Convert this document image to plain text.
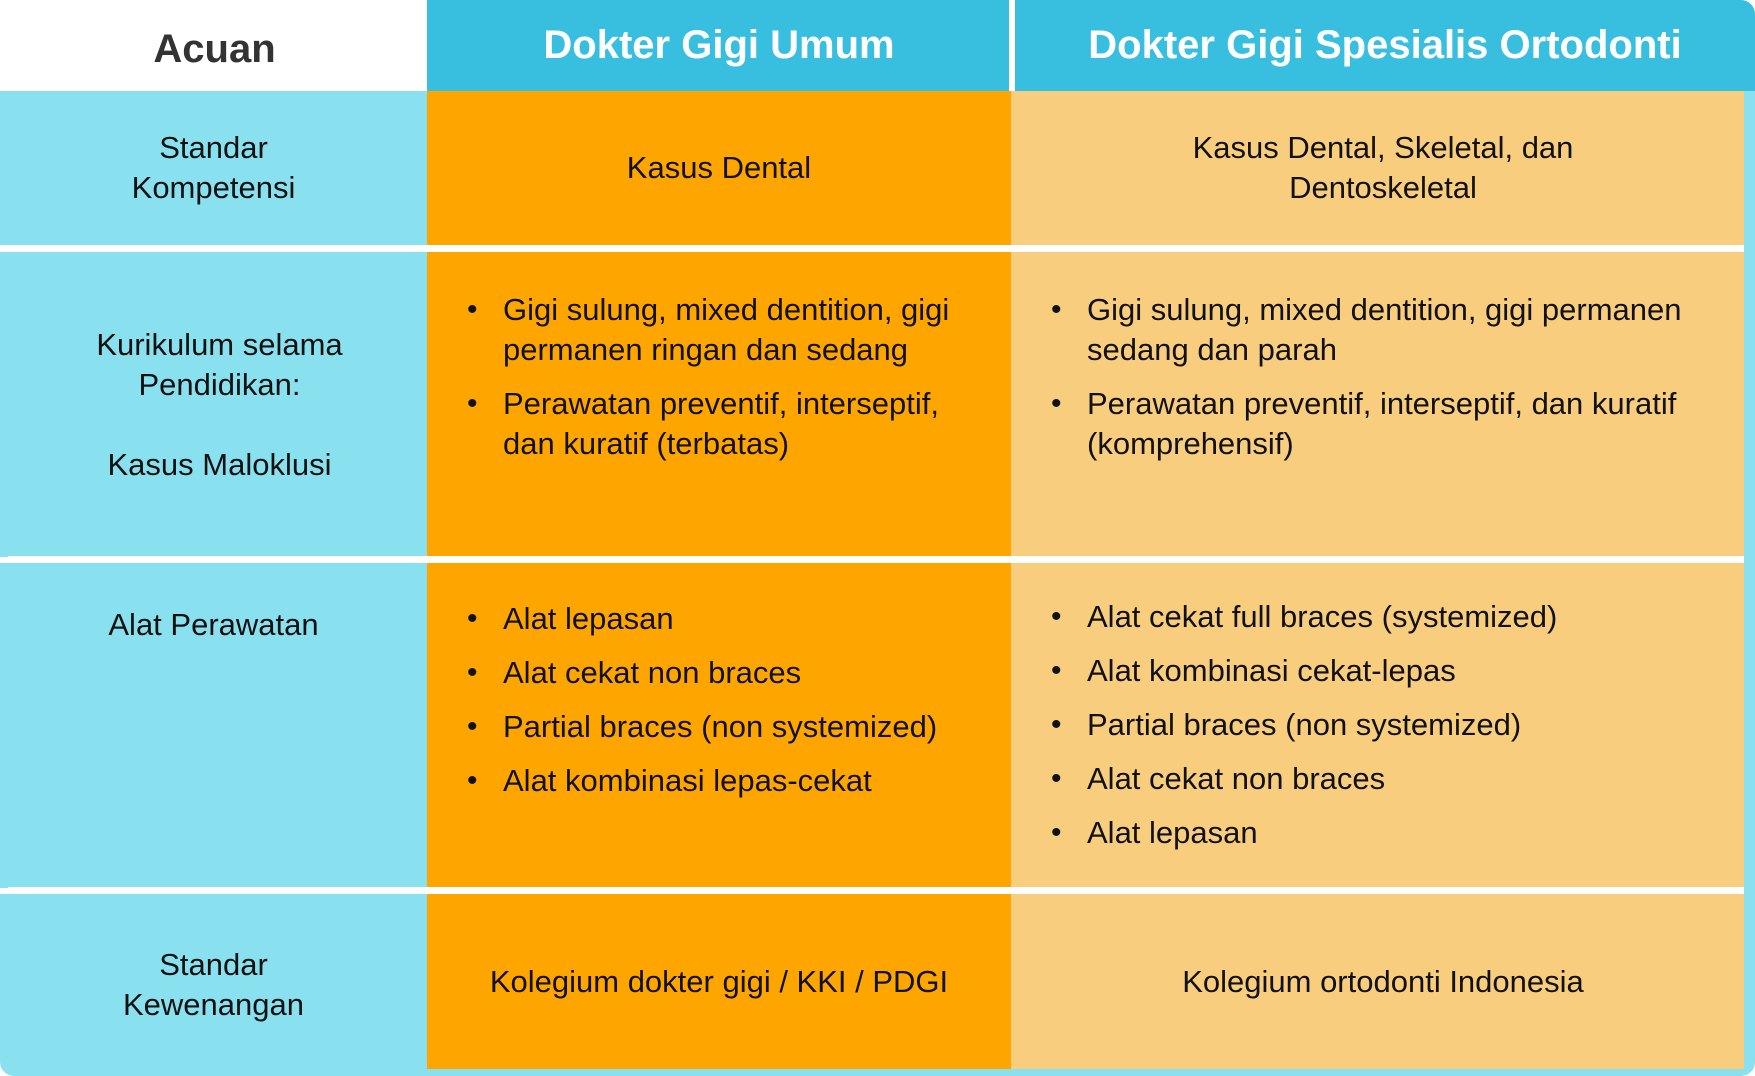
Acuan	Dokter Gigi Umum	Dokter Gigi Spesialis Ortodonti
Standar
Kompetensi
Kasus Dental
Kasus Dental, Skeletal, dan
Dentoskeletal
Kurikulum selama
Pendidikan:
Kasus Maloklusi
• Gigi sulung, mixed dentition, gigi permanen ringan dan sedang
• Perawatan preventif, interseptif, dan kuratif (terbatas)
• Gigi sulung, mixed dentition, gigi permanen sedang dan parah
• Perawatan preventif, interseptif, dan kuratif (komprehensif)
Alat Perawatan
•	Alat lepasan
• Alat cekat non braces
• Partial braces (non systemized)
• Alat kombinasi lepas-cekat
• Alat cekat full braces (systemized)
• Alat kombinasi cekat-lepas
• Partial braces (non systemized)
• Alat cekat non braces
• Alat lepasan
Standar
Kewenangan
Kolegium dokter gigi / KKI / PDGI	Kolegium ortodonti Indonesia
